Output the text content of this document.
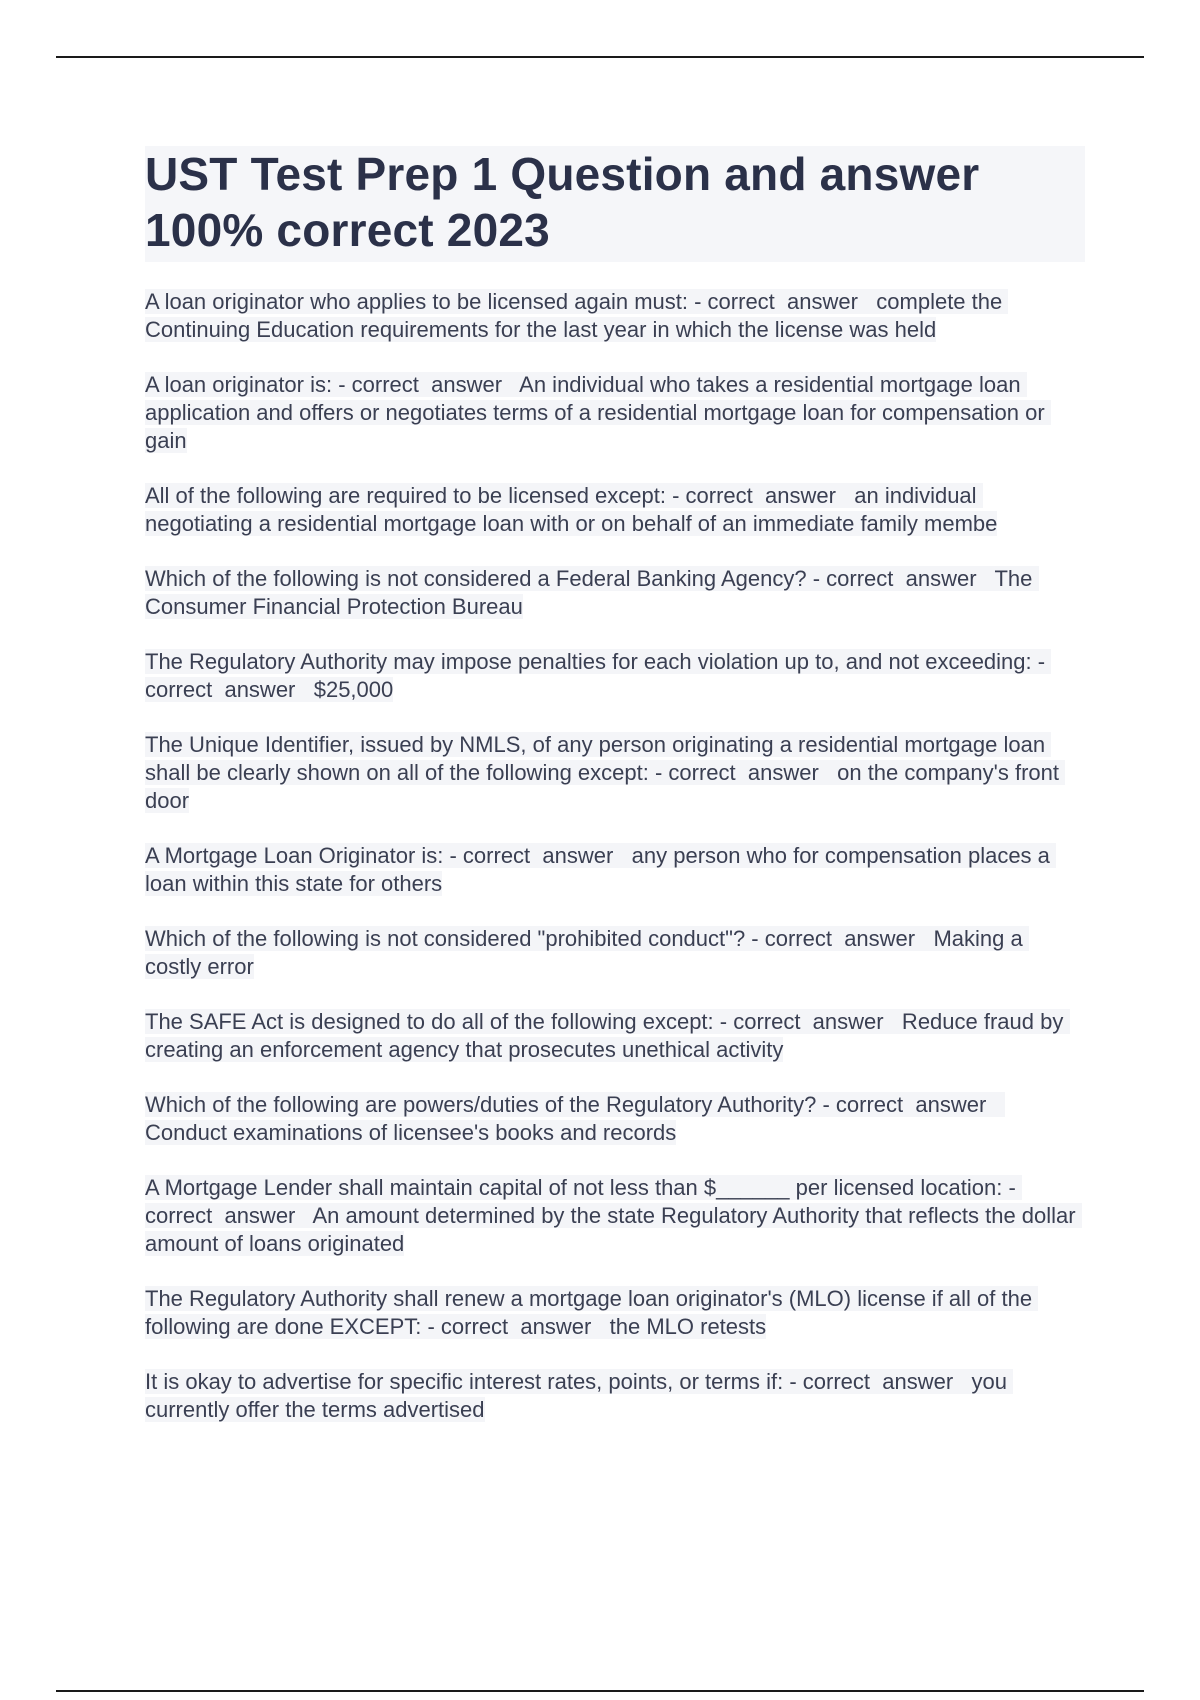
UST Test Prep 1 Question and answer 100% correct 2023

A loan originator who applies to be licensed again must: - correct  answer   complete the Continuing Education requirements for the last year in which the license was held

A loan originator is: - correct  answer   An individual who takes a residential mortgage loan application and offers or negotiates terms of a residential mortgage loan for compensation or gain

All of the following are required to be licensed except: - correct  answer   an individual negotiating a residential mortgage loan with or on behalf of an immediate family membe

Which of the following is not considered a Federal Banking Agency? - correct  answer   The Consumer Financial Protection Bureau

The Regulatory Authority may impose penalties for each violation up to, and not exceeding: - correct  answer   $25,000

The Unique Identifier, issued by NMLS, of any person originating a residential mortgage loan shall be clearly shown on all of the following except: - correct  answer   on the company's front door

A Mortgage Loan Originator is: - correct  answer   any person who for compensation places a loan within this state for others

Which of the following is not considered "prohibited conduct"? - correct  answer   Making a costly error

The SAFE Act is designed to do all of the following except: - correct  answer   Reduce fraud by creating an enforcement agency that prosecutes unethical activity

Which of the following are powers/duties of the Regulatory Authority? - correct  answer   Conduct examinations of licensee's books and records

A Mortgage Lender shall maintain capital of not less than $______ per licensed location: - correct  answer   An amount determined by the state Regulatory Authority that reflects the dollar amount of loans originated

The Regulatory Authority shall renew a mortgage loan originator's (MLO) license if all of the following are done EXCEPT: - correct  answer   the MLO retests

It is okay to advertise for specific interest rates, points, or terms if: - correct  answer   you currently offer the terms advertised
